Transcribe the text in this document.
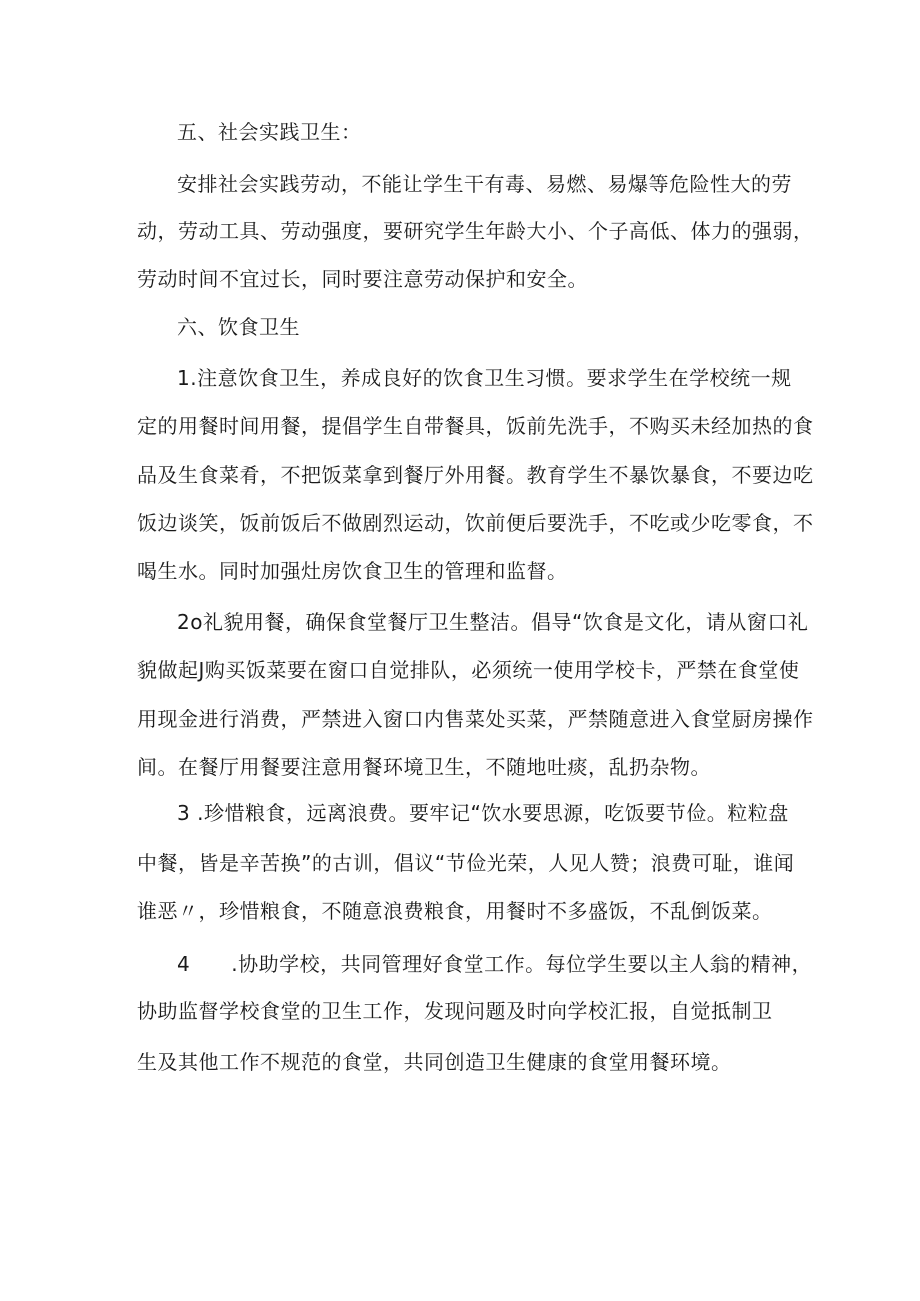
五、社会实践卫生：
安排社会实践劳动，不能让学生干有毒、易燃、易爆等危险性大的劳
动，劳动工具、劳动强度，要研究学生年龄大小、个子高低、体力的强弱，
劳动时间不宜过长，同时要注意劳动保护和安全。
六、饮食卫生
1.注意饮食卫生，养成良好的饮食卫生习惯。要求学生在学校统一规
定的用餐时间用餐，提倡学生自带餐具，饭前先洗手，不购买未经加热的食
品及生食菜肴，不把饭菜拿到餐厅外用餐。教育学生不暴饮暴食，不要边吃
饭边谈笑，饭前饭后不做剧烈运动，饮前便后要洗手，不吃或少吃零食，不
喝生水。同时加强灶房饮食卫生的管理和监督。
2o礼貌用餐，确保食堂餐厅卫生整洁。倡导“饮食是文化，请从窗口礼
貌做起J购买饭菜要在窗口自觉排队，必须统一使用学校卡，严禁在食堂使
用现金进行消费，严禁进入窗口内售菜处买菜，严禁随意进入食堂厨房操作
间。在餐厅用餐要注意用餐环境卫生，不随地吐痰，乱扔杂物。
3 .珍惜粮食，远离浪费。要牢记“饮水要思源，吃饭要节俭。粒粒盘
中餐，皆是辛苦换”的古训，倡议“节俭光荣，人见人赞；浪费可耻，谁闻
谁恶〃，珍惜粮食，不随意浪费粮食，用餐时不多盛饭，不乱倒饭菜。
4　　.协助学校，共同管理好食堂工作。每位学生要以主人翁的精神，
协助监督学校食堂的卫生工作，发现问题及时向学校汇报，自觉抵制卫
生及其他工作不规范的食堂，共同创造卫生健康的食堂用餐环境。
